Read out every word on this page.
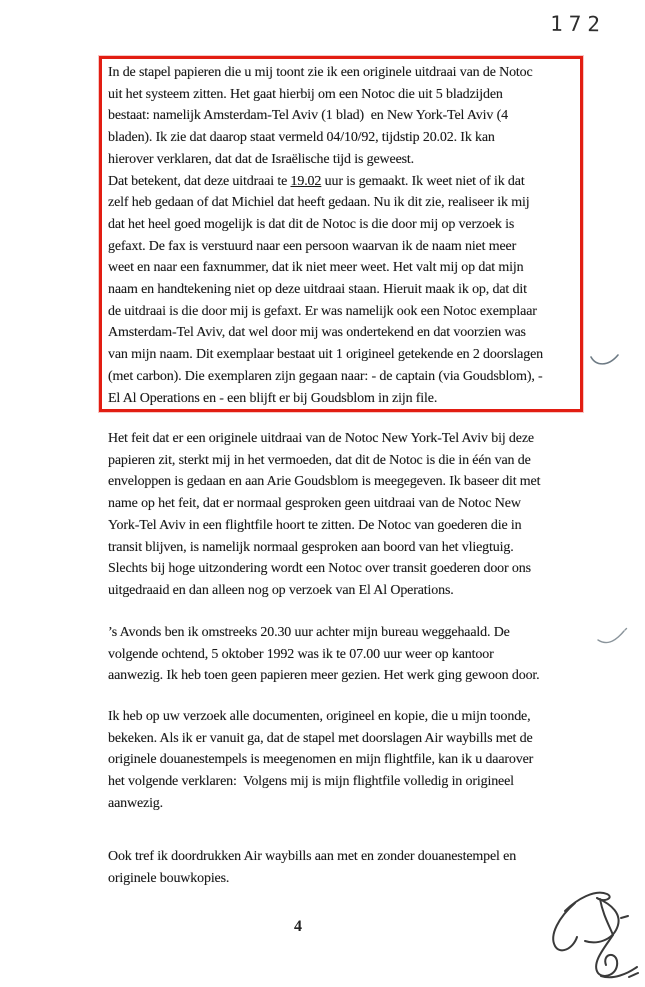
172
In de stapel papieren die u mij toont zie ik een originele uitdraai van de Notoc
uit het systeem zitten. Het gaat hierbij om een Notoc die uit 5 bladzijden
bestaat: namelijk Amsterdam-Tel Aviv (1 blad)  en New York-Tel Aviv (4
bladen). Ik zie dat daarop staat vermeld 04/10/92, tijdstip 20.02. Ik kan
hierover verklaren, dat dat de Israëlische tijd is geweest.
Dat betekent, dat deze uitdraai te 19.02 uur is gemaakt. Ik weet niet of ik dat
zelf heb gedaan of dat Michiel dat heeft gedaan. Nu ik dit zie, realiseer ik mij
dat het heel goed mogelijk is dat dit de Notoc is die door mij op verzoek is
gefaxt. De fax is verstuurd naar een persoon waarvan ik de naam niet meer
weet en naar een faxnummer, dat ik niet meer weet. Het valt mij op dat mijn
naam en handtekening niet op deze uitdraai staan. Hieruit maak ik op, dat dit
de uitdraai is die door mij is gefaxt. Er was namelijk ook een Notoc exemplaar
Amsterdam-Tel Aviv, dat wel door mij was ondertekend en dat voorzien was
van mijn naam. Dit exemplaar bestaat uit 1 origineel getekende en 2 doorslagen
(met carbon). Die exemplaren zijn gegaan naar: - de captain (via Goudsblom), -
El Al Operations en - een blijft er bij Goudsblom in zijn file.
Het feit dat er een originele uitdraai van de Notoc New York-Tel Aviv bij deze
papieren zit, sterkt mij in het vermoeden, dat dit de Notoc is die in één van de
enveloppen is gedaan en aan Arie Goudsblom is meegegeven. Ik baseer dit met
name op het feit, dat er normaal gesproken geen uitdraai van de Notoc New
York-Tel Aviv in een flightfile hoort te zitten. De Notoc van goederen die in
transit blijven, is namelijk normaal gesproken aan boord van het vliegtuig.
Slechts bij hoge uitzondering wordt een Notoc over transit goederen door ons
uitgedraaid en dan alleen nog op verzoek van El Al Operations.
’s Avonds ben ik omstreeks 20.30 uur achter mijn bureau weggehaald. De
volgende ochtend, 5 oktober 1992 was ik te 07.00 uur weer op kantoor
aanwezig. Ik heb toen geen papieren meer gezien. Het werk ging gewoon door.
Ik heb op uw verzoek alle documenten, origineel en kopie, die u mijn toonde,
bekeken. Als ik er vanuit ga, dat de stapel met doorslagen Air waybills met de
originele douanestempels is meegenomen en mijn flightfile, kan ik u daarover
het volgende verklaren:  Volgens mij is mijn flightfile volledig in origineel
aanwezig.
Ook tref ik doordrukken Air waybills aan met en zonder douanestempel en
originele bouwkopies.
4
